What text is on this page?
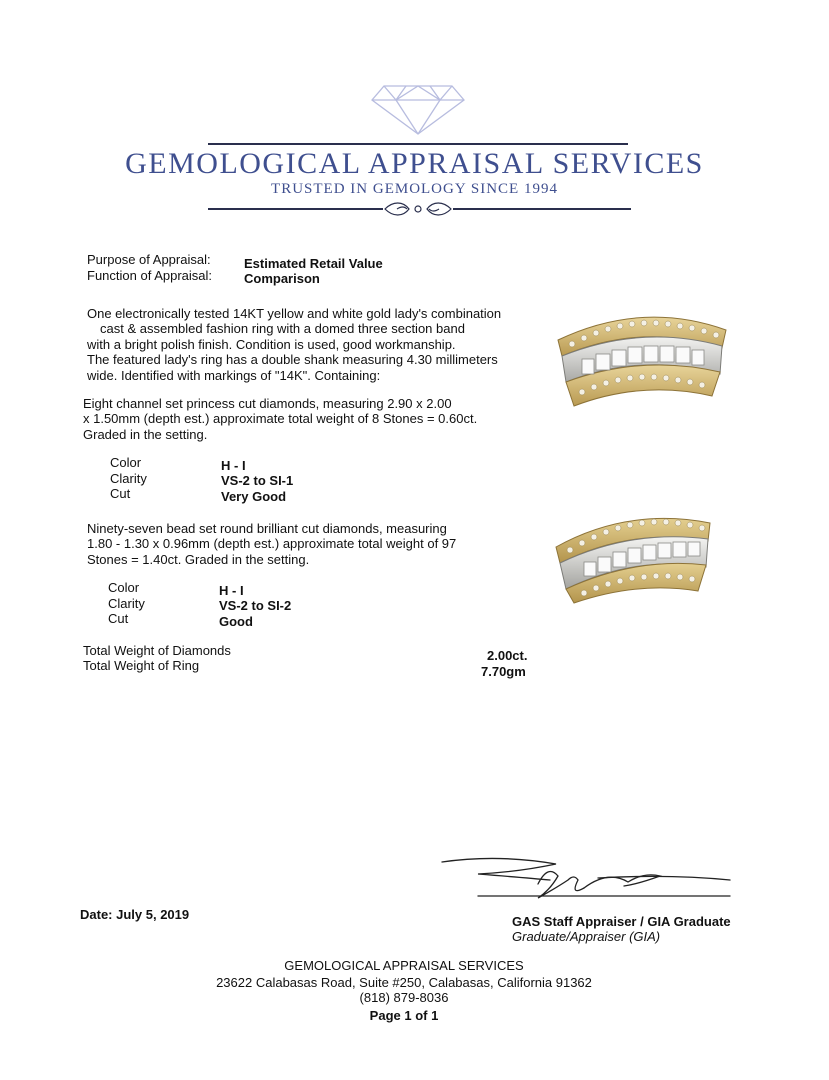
GEMOLOGICAL APPRAISAL SERVICES
TRUSTED IN GEMOLOGY SINCE 1994
Purpose of Appraisal:	Estimated Retail Value
Function of Appraisal: Comparison
One electronically tested 14KT yellow and white gold lady's combination
cast & assembled fashion ring with a domed three section band
with a bright polish finish. Condition is used, good workmanship.
The featured lady's ring has a double shank measuring 4.30 millimeters
wide. Identified with markings of "14K". Containing:
Eight channel set princess cut diamonds, measuring 2.90 x 2.00
x 1.50mm (depth est.) approximate total weight of 8 Stones = 0.60ct.
Graded in the setting.
Color	H - I
Clarity	VS-2 to SI-1
Cut	Very Good
Ninety-seven bead set round brilliant cut diamonds, measuring
1.80 - 1.30 x 0.96mm (depth est.) approximate total weight of 97
Stones = 1.40ct. Graded in the setting.
Color	H - I
Clarity	VS-2 to SI-2
Cut	Good
Total Weight of Diamonds	2.00ct.
Total Weight of Ring	7.70gm
Date: July 5, 2019	GAS Staff Appraiser / GIA Graduate
Graduate/Appraiser (GIA)
GEMOLOGICAL APPRAISAL SERVICES
23622 Calabasas Road, Suite #250, Calabasas, California 91362
(818) 879-8036
Page 1 of 1
